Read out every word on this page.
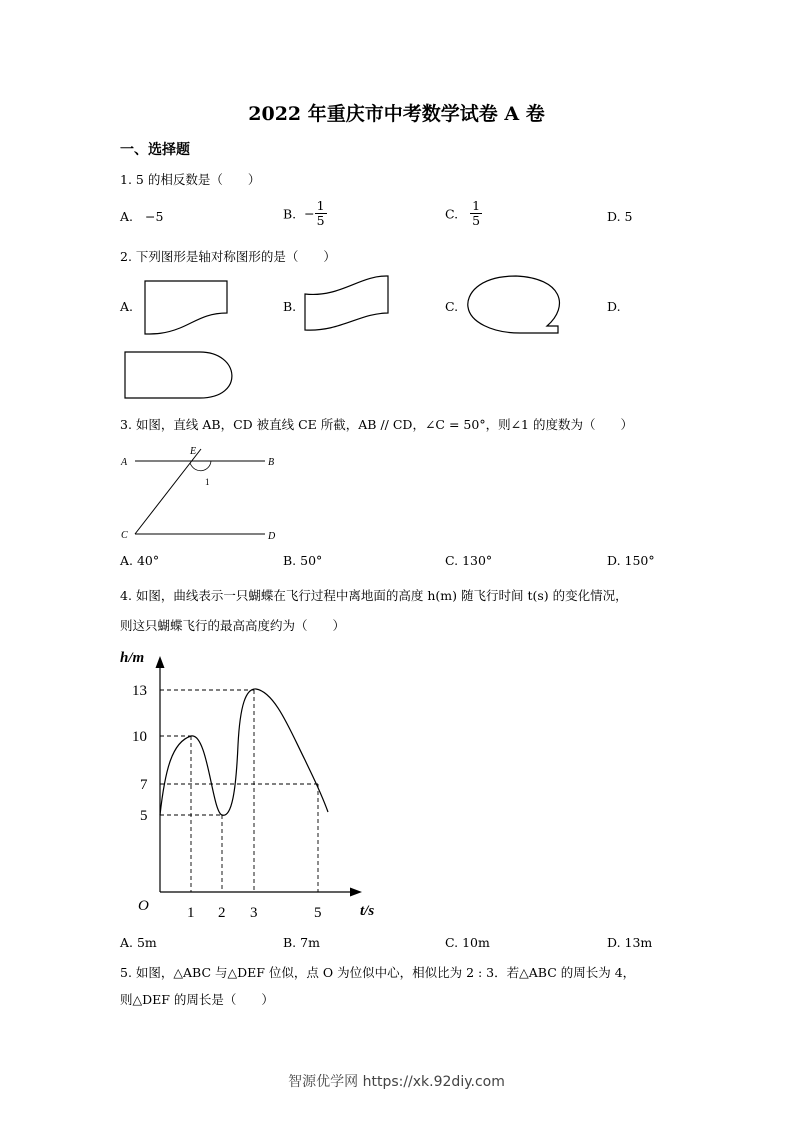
2022 年重庆市中考数学试卷 A 卷
一、选择题
1. 5 的相反数是（　　）
A. −5	B. − $\frac{1}{5}$	C. $\frac{1}{5}$	D. 5
2. 下列图形是轴对称图形的是（　　）
A.	B.	C.	D.
3. 如图，直线 AB，CD 被直线 CE 所截，AB // CD，∠C = 50°，则∠1 的度数为（　　）
A	B
C	D
E
1
A. 40°	B. 50°	C. 130°	D. 150°
4. 如图，曲线表示一只蝴蝶在飞行过程中离地面的高度 h(m) 随飞行时间 t(s) 的变化情况，
则这只蝴蝶飞行的最高高度约为（　　）
h/m
t/s
O
13
10
7
5
1 2 3	5
A. 5m	B. 7m	C. 10m	D. 13m
5. 如图，△ABC 与△DEF 位似，点 O 为位似中心，相似比为 2 : 3．若△ABC 的周长为 4，
则△DEF 的周长是（　　）
智源优学网 https://xk.92diy.com
